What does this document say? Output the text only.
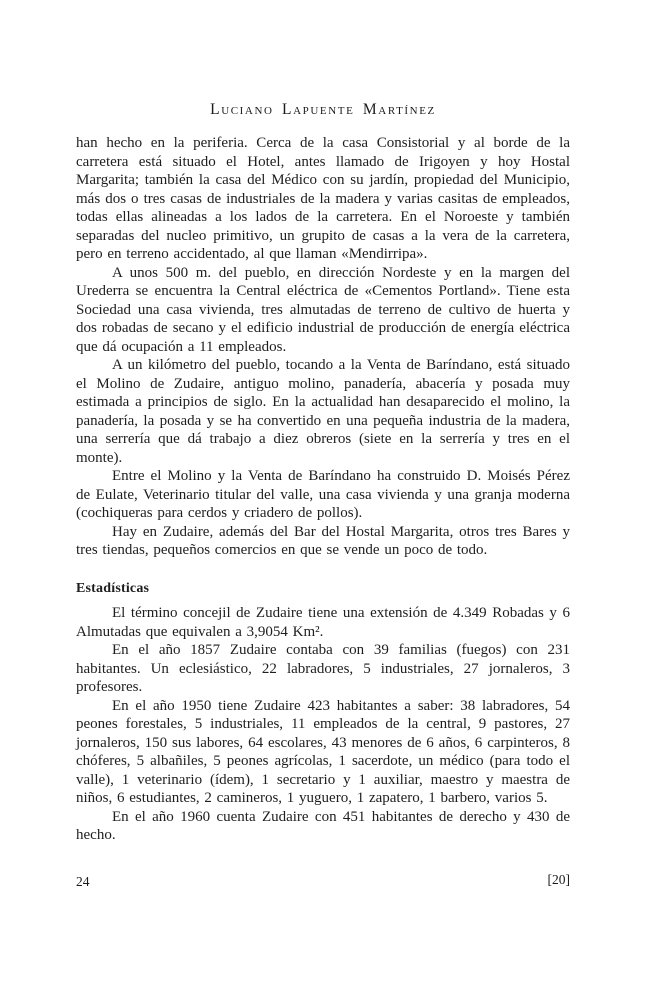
Luciano Lapuente Martínez

han hecho en la periferia. Cerca de la casa Consistorial y al borde de la carretera está situado el Hotel, antes llamado de Irigoyen y hoy Hostal Margarita; también la casa del Médico con su jardín, propiedad del Municipio, más dos o tres casas de industriales de la madera y varias casitas de empleados, todas ellas alineadas a los lados de la carretera. En el Noroeste y también separadas del nucleo primitivo, un grupito de casas a la vera de la carretera, pero en terreno accidentado, al que llaman «Mendirripa».

A unos 500 m. del pueblo, en dirección Nordeste y en la margen del Urederra se encuentra la Central eléctrica de «Cementos Portland». Tiene esta Sociedad una casa vivienda, tres almutadas de terreno de cultivo de huerta y dos robadas de secano y el edificio industrial de producción de energía eléctrica que dá ocupación a 11 empleados.

A un kilómetro del pueblo, tocando a la Venta de Baríndano, está situado el Molino de Zudaire, antiguo molino, panadería, abacería y posada muy estimada a principios de siglo. En la actualidad han desaparecido el molino, la panadería, la posada y se ha convertido en una pequeña industria de la madera, una serrería que dá trabajo a diez obreros (siete en la serrería y tres en el monte).

Entre el Molino y la Venta de Baríndano ha construido D. Moisés Pérez de Eulate, Veterinario titular del valle, una casa vivienda y una granja moderna (cochiqueras para cerdos y criadero de pollos).

Hay en Zudaire, además del Bar del Hostal Margarita, otros tres Bares y tres tiendas, pequeños comercios en que se vende un poco de todo.

Estadísticas

El término concejil de Zudaire tiene una extensión de 4.349 Robadas y 6 Almutadas que equivalen a 3,9054 Km².

En el año 1857 Zudaire contaba con 39 familias (fuegos) con 231 habitantes. Un eclesiástico, 22 labradores, 5 industriales, 27 jornaleros, 3 profesores.

En el año 1950 tiene Zudaire 423 habitantes a saber: 38 labradores, 54 peones forestales, 5 industriales, 11 empleados de la central, 9 pastores, 27 jornaleros, 150 sus labores, 64 escolares, 43 menores de 6 años, 6 carpinteros, 8 chóferes, 5 albañiles, 5 peones agrícolas, 1 sacerdote, un médico (para todo el valle), 1 veterinario (ídem), 1 secretario y 1 auxiliar, maestro y maestra de niños, 6 estudiantes, 2 camineros, 1 yuguero, 1 zapatero, 1 barbero, varios 5.

En el año 1960 cuenta Zudaire con 451 habitantes de derecho y 430 de hecho.

24	[20]
